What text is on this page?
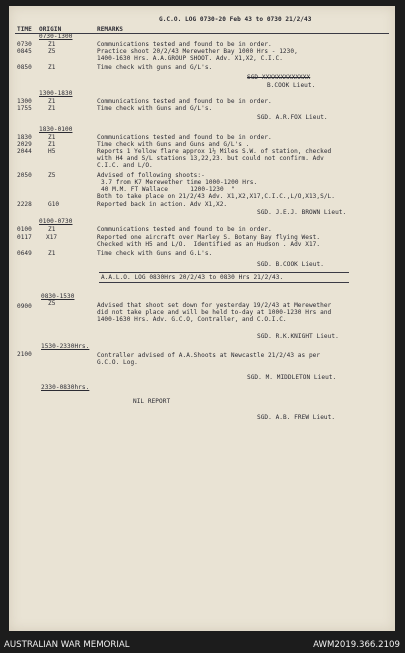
G.C.O. LOG 0730-20 Feb 43 to 0730 21/2/43
TIME ORIGIN	REMARKS
0730-1300
0730	Z1	Communications tested and found to be in order.
0845	Z5	Practice shoot 20/2/43 Merewether Bay 1000 Hrs - 1230,
1400-1630 Hrs. A.A.GROUP SHOOT. Adv. X1,X2, C.I.C.
0850	Z1	Time check with guns and G/L's.
SGD XXXXXXXXXXXXX
B.COOK Lieut.
1300-1830
1300	Z1	Communications tested and found to be in order.
1755	Z1	Time check with Guns and G/L's.
SGD. A.R.FOX Lieut.
1830-0100
1830	Z1	Communications tested and found to be in order.
2029	Z1	Time check with Guns and Guns and G/L's .
2044	H5	Reports 1 Yellow flare approx 1½ Miles S.W. of station, checked
with H4 and S/L stations 13,22,23. but could not confirm. Adv
C.I.C. and L/O.
2050	Z5	Advised of following shoots:-
3.7 from K7 Merewether time 1000-1200 Hrs.
40 M.M. FT Wallace      1200-1230  "
Both to take place on 21/2/43 Adv. X1,X2,X17,C.I.C.,L/O,X13,S/L.
2228	G10	Reported back in action. Adv X1,X2.
SGD. J.E.J. BROWN Lieut.
0100-0730
0100	Z1	Communications tested and found to be in order.
0117 X17	Reported one aircraft over Marley S. Botany Bay flying West.
Checked with H5 and L/O.  Identified as an Hudson . Adv X17.
0649	Z1	Time check with Guns and G.L's.
SGD. B.COOK Lieut.
A.A.L.O. LOG 0830Hrs 20/2/43 to 0830 Hrs 21/2/43.
0830-1530
0900	Z5	Advised that shoot set down for yesterday 19/2/43 at Merewether
did not take place and will be held to-day at 1000-1230 Hrs and
1400-1630 Hrs. Adv. G.C.O, Contraller, and C.O.I.C.
SGD. R.K.KNIGHT Lieut.
1530-2330Hrs.
2100	Contraller advised of A.A.Shoots at Newcastle 21/2/43 as per
G.C.O. Log.
SGD. M. MIDDLETON Lieut.
2330-0830hrs.
NIL REPORT
SGD. A.B. FREW Lieut.
AUSTRALIAN WAR MEMORIAL	AWM2019.366.2109
